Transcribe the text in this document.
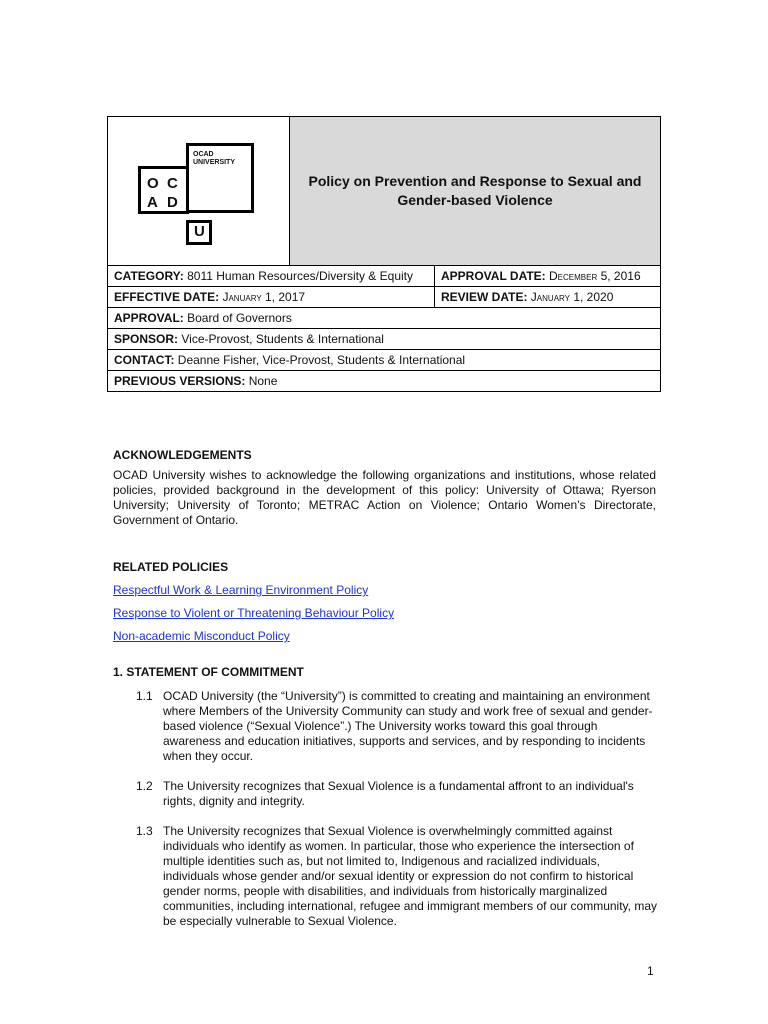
OCAD
UNIVERSITY
O C
A D
U
Policy on Prevention and Response to Sexual and Gender-based Violence
CATEGORY: 8011 Human Resources/Diversity & Equity	APPROVAL DATE: December 5, 2016
EFFECTIVE DATE: January 1, 2017	REVIEW DATE: January 1, 2020
APPROVAL: Board of Governors
SPONSOR: Vice-Provost, Students & International
CONTACT: Deanne Fisher, Vice-Provost, Students & International
PREVIOUS VERSIONS: None
ACKNOWLEDGEMENTS
OCAD University wishes to acknowledge the following organizations and institutions, whose related policies, provided background in the development of this policy: University of Ottawa; Ryerson University; University of Toronto; METRAC Action on Violence; Ontario Women's Directorate, Government of Ontario.
RELATED POLICIES
Respectful Work & Learning Environment Policy
Response to Violent or Threatening Behaviour Policy
Non-academic Misconduct Policy
1. STATEMENT OF COMMITMENT
1.1 OCAD University (the “University”) is committed to creating and maintaining an environment where Members of the University Community can study and work free of sexual and gender-based violence (“Sexual Violence”.) The University works toward this goal through awareness and education initiatives, supports and services, and by responding to incidents when they occur.
1.2 The University recognizes that Sexual Violence is a fundamental affront to an individual's rights, dignity and integrity.
1.3 The University recognizes that Sexual Violence is overwhelmingly committed against individuals who identify as women. In particular, those who experience the intersection of multiple identities such as, but not limited to, Indigenous and racialized individuals, individuals whose gender and/or sexual identity or expression do not confirm to historical gender norms, people with disabilities, and individuals from historically marginalized communities, including international, refugee and immigrant members of our community, may be especially vulnerable to Sexual Violence.
1
